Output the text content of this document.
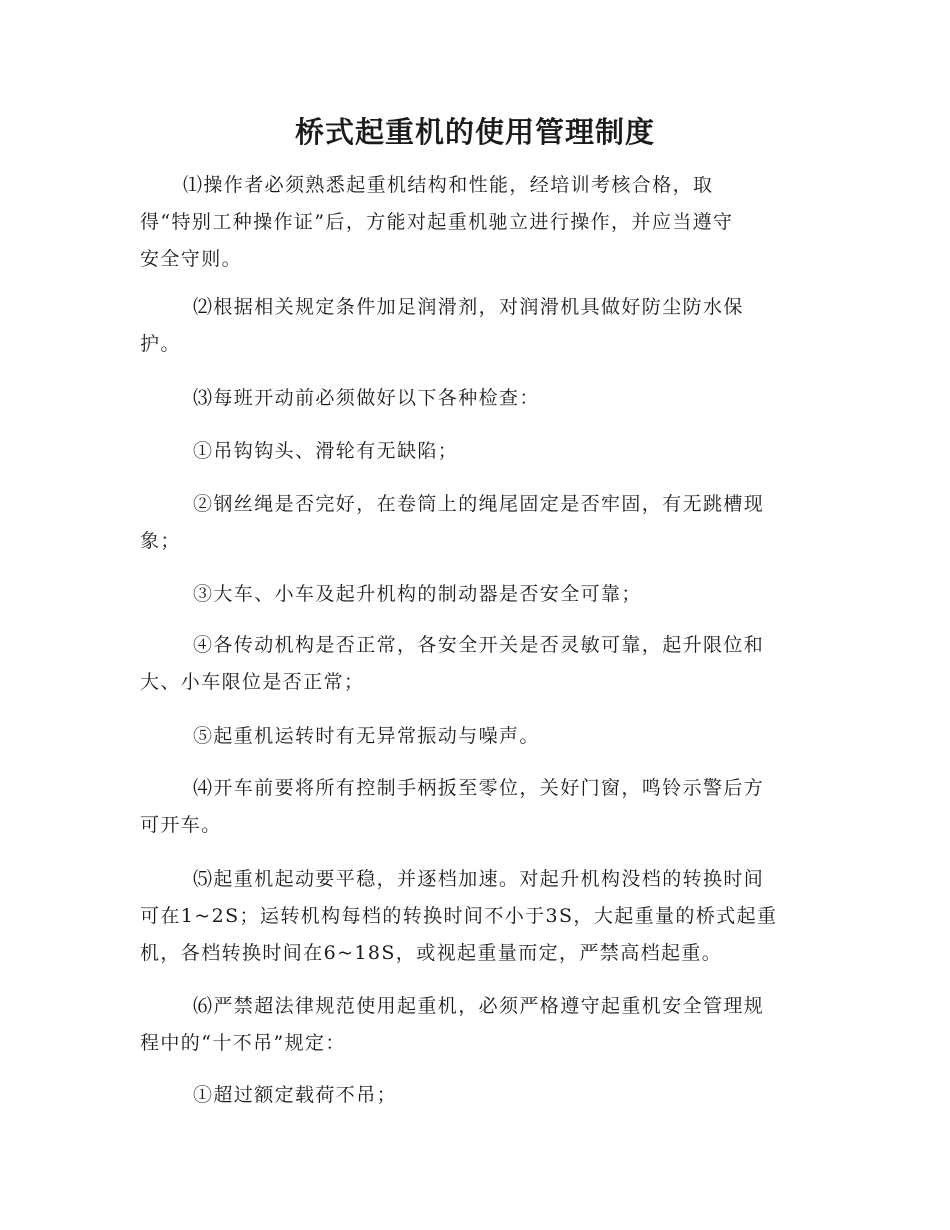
桥式起重机的使用管理制度
⑴操作者必须熟悉起重机结构和性能，经培训考核合格，取
得“特别工种操作证”后，方能对起重机驰立进行操作，并应当遵守
安全守则。
⑵根据相关规定条件加足润滑剂，对润滑机具做好防尘防水保
护。
⑶每班开动前必须做好以下各种检查：
①吊钩钩头、滑轮有无缺陷；
②钢丝绳是否完好，在卷筒上的绳尾固定是否牢固，有无跳槽现
象；
③大车、小车及起升机构的制动器是否安全可靠；
④各传动机构是否正常，各安全开关是否灵敏可靠，起升限位和
大、小车限位是否正常；
⑤起重机运转时有无异常振动与噪声。
⑷开车前要将所有控制手柄扳至零位，关好门窗，鸣铃示警后方
可开车。
⑸起重机起动要平稳，并逐档加速。对起升机构没档的转换时间
可在1~2S；运转机构每档的转换时间不小于3S，大起重量的桥式起重
机，各档转换时间在6~18S，或视起重量而定，严禁高档起重。
⑹严禁超法律规范使用起重机，必须严格遵守起重机安全管理规
程中的“十不吊”规定：
①超过额定载荷不吊；
